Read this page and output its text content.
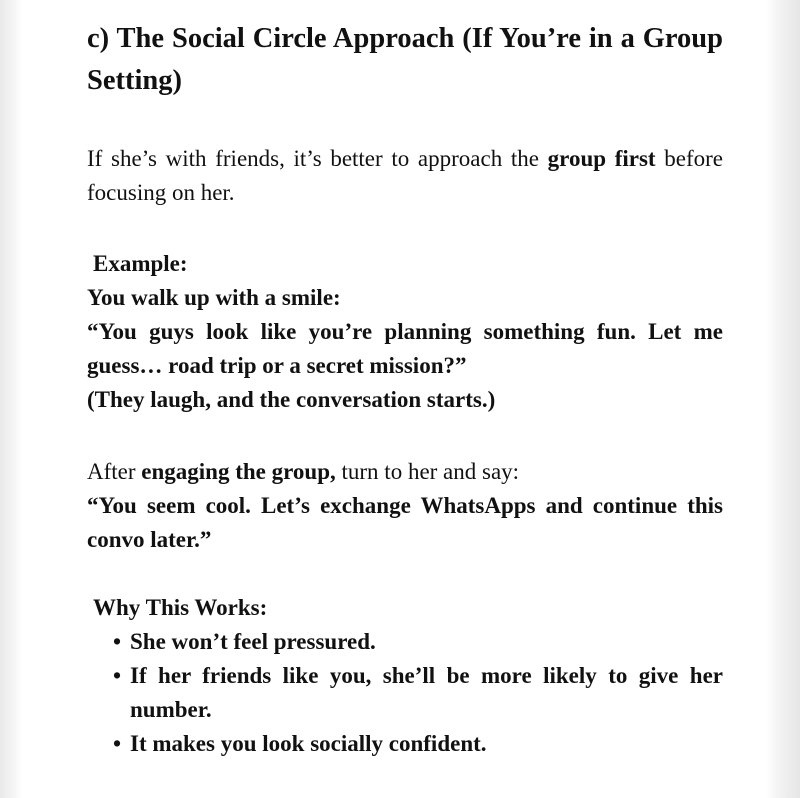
c) The Social Circle Approach (If You’re in a Group Setting)

If she’s with friends, it’s better to approach the group first before focusing on her.

Example:

You walk up with a smile:

“You guys look like you’re planning something fun. Let me guess… road trip or a secret mission?”

(They laugh, and the conversation starts.)

After engaging the group, turn to her and say:

“You seem cool. Let’s exchange WhatsApps and continue this convo later.”

Why This Works:

• She won’t feel pressured.
• If her friends like you, she’ll be more likely to give her number.
• It makes you look socially confident.
